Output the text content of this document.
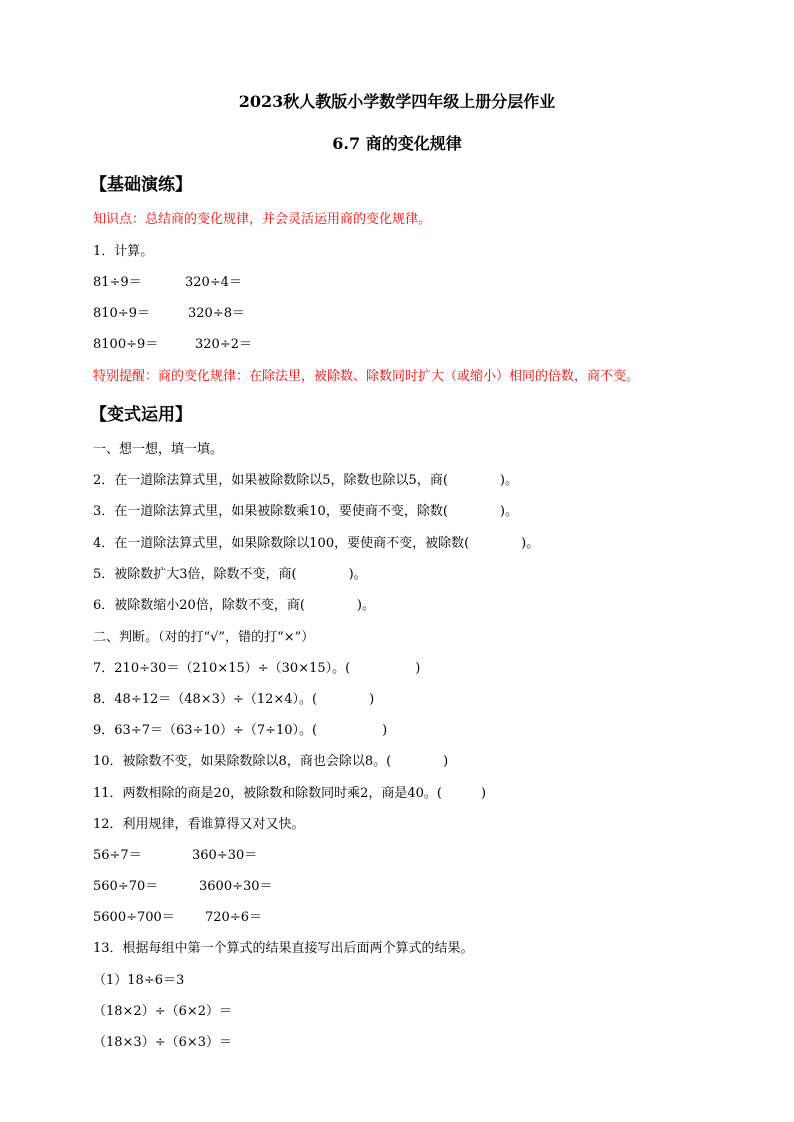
2023秋人教版小学数学四年级上册分层作业
6.7 商的变化规律
【基础演练】
知识点：总结商的变化规律，并会灵活运用商的变化规律。
1．计算。
81÷9＝	320÷4＝
810÷9＝	320÷8＝
8100÷9＝	320÷2＝
特别提醒：商的变化规律：在除法里，被除数、除数同时扩大（或缩小）相同的倍数，商不变。
【变式运用】
一、想一想，填一填。
2．在一道除法算式里，如果被除数除以5，除数也除以5，商(　　　　)。
3．在一道除法算式里，如果被除数乘10，要使商不变，除数(　　　　)。
4．在一道除法算式里，如果除数除以100，要使商不变，被除数(　　　　)。
5．被除数扩大3倍，除数不变，商(　　　　)。
6．被除数缩小20倍，除数不变，商(　　　　)。
二、判断。（对的打“√”，错的打“×”）
7．210÷30＝（210×15）÷（30×15）。(　　　　　)
8．48÷12＝（48×3）÷（12×4）。(　　　　)
9．63÷7＝（63÷10）÷（7÷10）。(　　　　　)
10．被除数不变，如果除数除以8，商也会除以8。(　　　　)
11．两数相除的商是20，被除数和除数同时乘2，商是40。(　　　)
12．利用规律，看谁算得又对又快。
56÷7＝	360÷30＝
560÷70＝	3600÷30＝
5600÷700＝ 720÷6＝
13．根据每组中第一个算式的结果直接写出后面两个算式的结果。
（1）18÷6＝3
（18×2）÷（6×2）＝
（18×3）÷（6×3）＝
